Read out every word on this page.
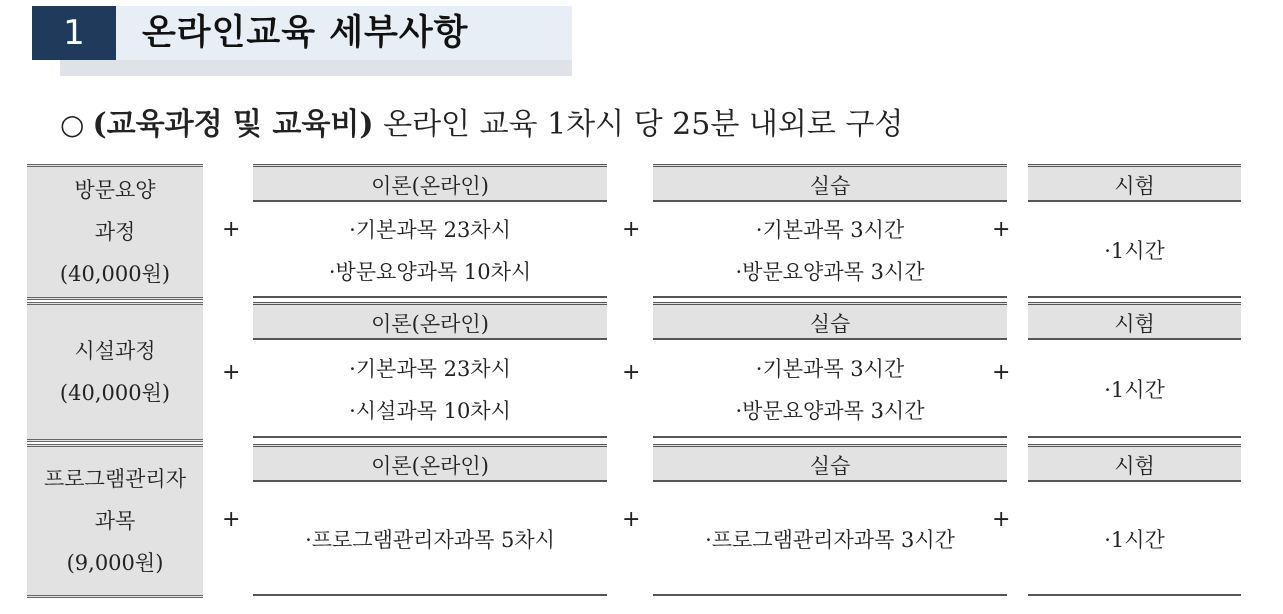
1	온라인교육 세부사항
○ (교육과정 및 교육비) 온라인 교육 1차시 당 25분 내외로 구성
방문요양
과정
(40,000원)
+
이론(온라인)
·기본과목 23차시
·방문요양과목 10차시
+
실습
·기본과목 3시간
·방문요양과목 3시간
+
시험
·1시간
시설과정
(40,000원)
+
이론(온라인)
·기본과목 23차시
·시설과목 10차시
+
실습
·기본과목 3시간
·방문요양과목 3시간
+
시험
·1시간
프로그램관리자
과목
(9,000원)
+
이론(온라인)
·프로그램관리자과목 5차시
+
실습
·프로그램관리자과목 3시간
+
시험
·1시간
